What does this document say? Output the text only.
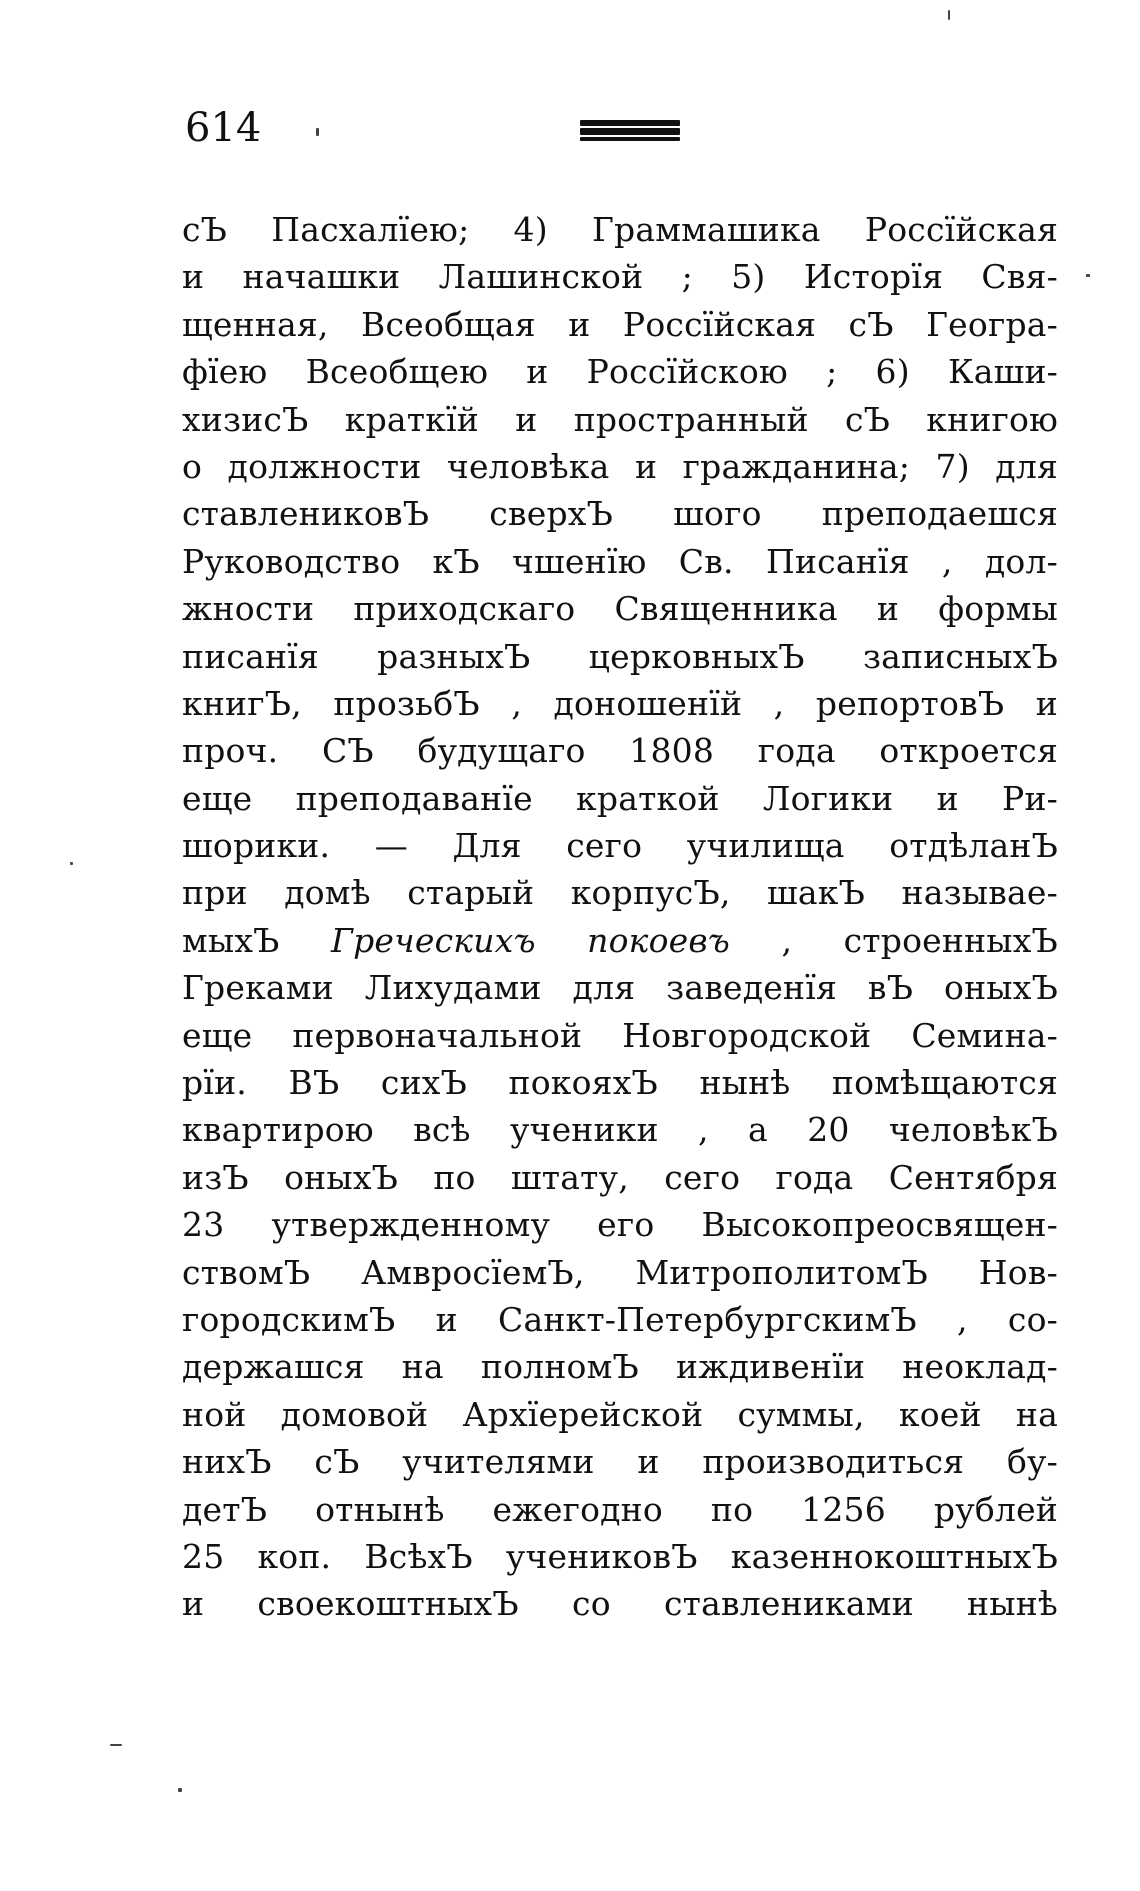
614
сЪ Пасхалїею; 4) Граммашика Россїйская
и начашки Лашинской ; 5) Исторїя Свя-
щенная, Всеобщая и Россїйская сЪ Геогра-
фїею Всеобщею и Россїйскою ; 6) Каши-
хизисЪ краткїй и пространный сЪ книгою
о должности человѣка и гражданина; 7) для
ставлениковЪ сверхЪ шого преподаешся
Руководство кЪ чшенїю Св. Писанїя , дол-
жности приходскаго Священника и формы
писанїя разныхЪ церковныхЪ записныхЪ
книгЪ, прозьбЪ , доношенїй , репортовЪ и
проч. СЪ будущаго 1808 года откроется
еще преподаванїе краткой Логики и Ри-
шорики. — Для сего училища отдѣланЪ
при домѣ старый корпусЪ, шакЪ называе-
мыхЪ Греческихъ покоевъ , строенныхЪ
Греками Лихудами для заведенїя вЪ оныхЪ
еще первоначальной Новгородской Семина-
рїи. ВЪ сихЪ покояхЪ нынѣ помѣщаются
квартирою всѣ ученики , а 20 человѣкЪ
изЪ оныхЪ по штату, сего года Сентября
23 утвержденному его Высокопреосвящен-
ствомЪ АмвросїемЪ, МитрополитомЪ Нов-
городскимЪ и Санкт-ПетербургскимЪ , со-
держашся на полномЪ иждивенїи неоклад-
ной домовой Архїерейской суммы, коей на
нихЪ сЪ учителями и производиться бу-
детЪ отнынѣ ежегодно по 1256 рублей
25 коп. ВсѣхЪ учениковЪ казеннокоштныхЪ
и своекоштныхЪ со ставлениками нынѣ
